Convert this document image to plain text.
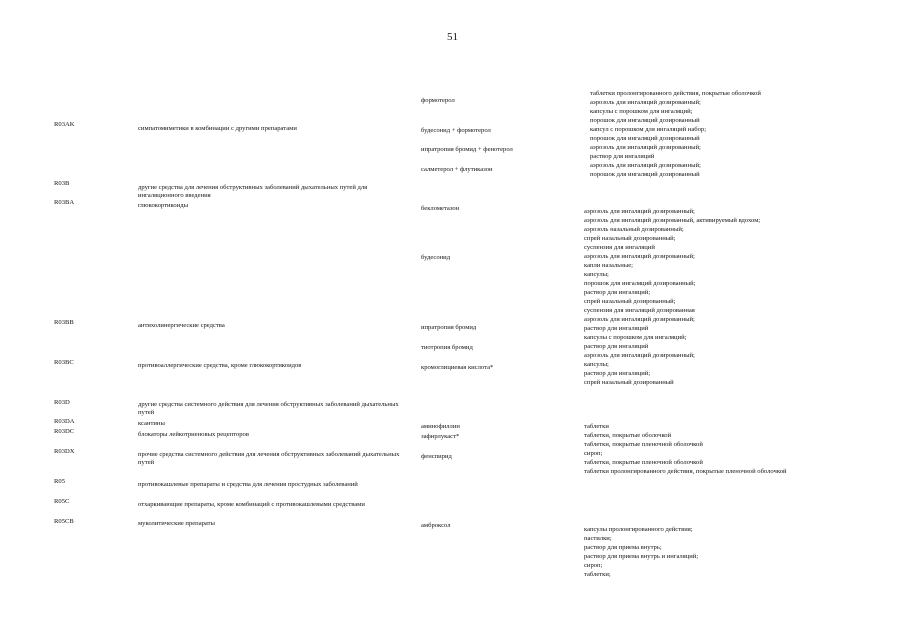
51
R03AK
R03B
R03BA
R03BB
R03BC
R03D
R03DA
R03DC
R03DX
R05
R05C
R05CB
симпатомиметики в комбинации с другими препаратами
другие средства для лечения обструктивных заболеваний дыхательных путей для ингаляционного введения
глюкокортикоиды
антихолинергические средства
противоаллергические средства, кроме глюкокортикоидов
другие средства системного действия для лечения обструктивных заболеваний дыхательных путей
ксантины
блокаторы лейкотриеновых рецепторов
прочие средства системного действия для лечения обструктивных заболеваний дыхательных путей
противокашлевые препараты и средства для лечения простудных заболеваний
отхаркивающие препараты, кроме комбинаций с противокашлевыми средствами
муколитические препараты
формотерол
будесонид + формотерол
ипратропия бромид + фенотерол
салметерол + флутиказон
беклометазон
будесонид
ипратропия бромид
тиотропия бромид
кромоглициевая кислота*
аминофиллин
зафирлукаст*
фенспирид
амброксол
таблетки пролонгированного действия, покрытые оболочкой
аэрозоль для ингаляций дозированный;
капсулы с порошком для ингаляций;
порошок для ингаляций дозированный
капсул с порошком для ингаляций набор;
порошок для ингаляций дозированный
аэрозоль для ингаляций дозированный;
раствор для ингаляций
аэрозоль для ингаляций дозированный;
порошок для ингаляций дозированный
аэрозоль для ингаляций дозированный;
аэрозоль для ингаляций дозированный, активируемый вдохом;
аэрозоль назальный дозированный;
спрей назальный дозированный;
суспензия для ингаляций
аэрозоль для ингаляций дозированный;
капли назальные;
капсулы;
порошок для ингаляций дозированный;
раствор для ингаляций;
спрей назальный дозированный;
суспензия для ингаляций дозированная
аэрозоль для ингаляций дозированный;
раствор для ингаляций
капсулы с порошком для ингаляций;
раствор для ингаляций
аэрозоль для ингаляций дозированный;
капсулы;
раствор для ингаляций;
спрей назальный дозированный
таблетки
таблетки, покрытые оболочкой
таблетки, покрытые пленочной оболочкой
сироп;
таблетки, покрытые пленочной оболочкой
таблетки пролонгированного действия, покрытые пленочной оболочкой
капсулы пролонгированного действия;
пастилки;
раствор для приема внутрь;
раствор для приема внутрь и ингаляций;
сироп;
таблетки;
